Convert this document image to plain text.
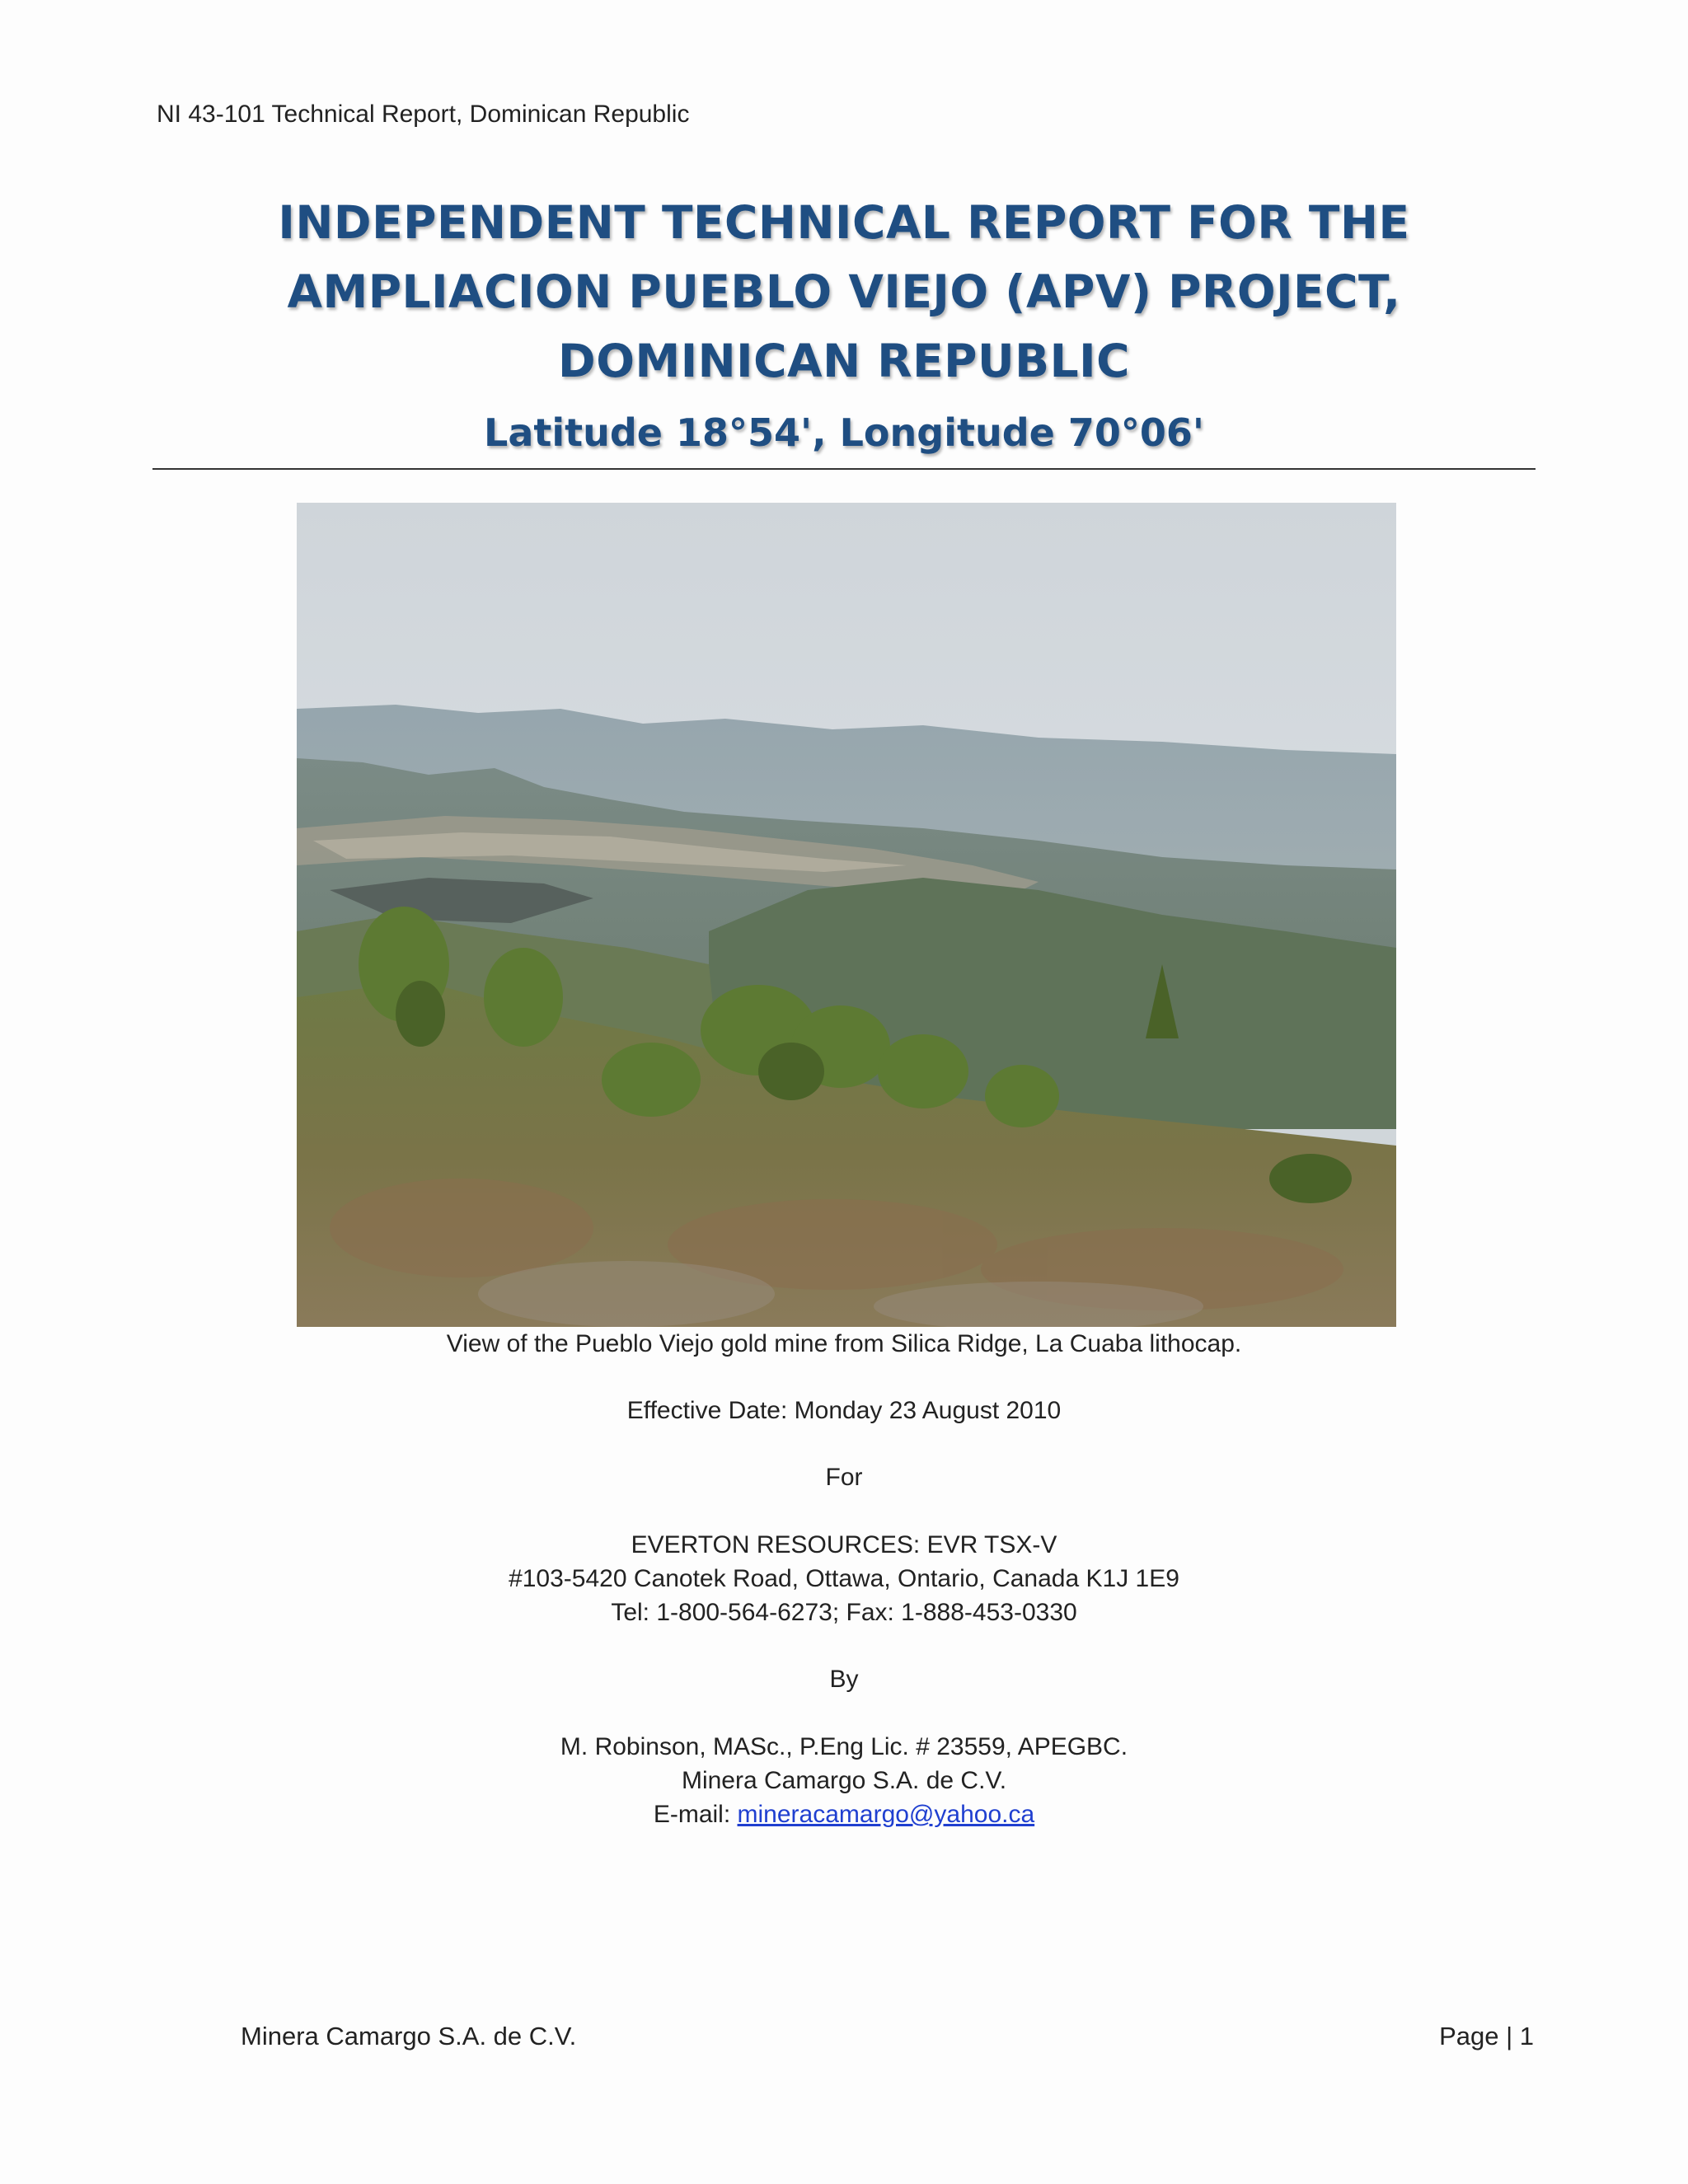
NI 43-101 Technical Report, Dominican Republic
INDEPENDENT TECHNICAL REPORT FOR THE
AMPLIACION PUEBLO VIEJO (APV) PROJECT,
DOMINICAN REPUBLIC
Latitude 18°54', Longitude 70°06'
View of the Pueblo Viejo gold mine from Silica Ridge, La Cuaba lithocap.
Effective Date: Monday 23 August 2010
For
EVERTON RESOURCES: EVR TSX-V
#103-5420 Canotek Road, Ottawa, Ontario, Canada K1J 1E9
Tel: 1-800-564-6273; Fax: 1-888-453-0330
By
M. Robinson, MASc., P.Eng Lic. # 23559, APEGBC.
Minera Camargo S.A. de C.V.
E-mail: mineracamargo@yahoo.ca
Minera Camargo S.A. de C.V.	Page | 1
